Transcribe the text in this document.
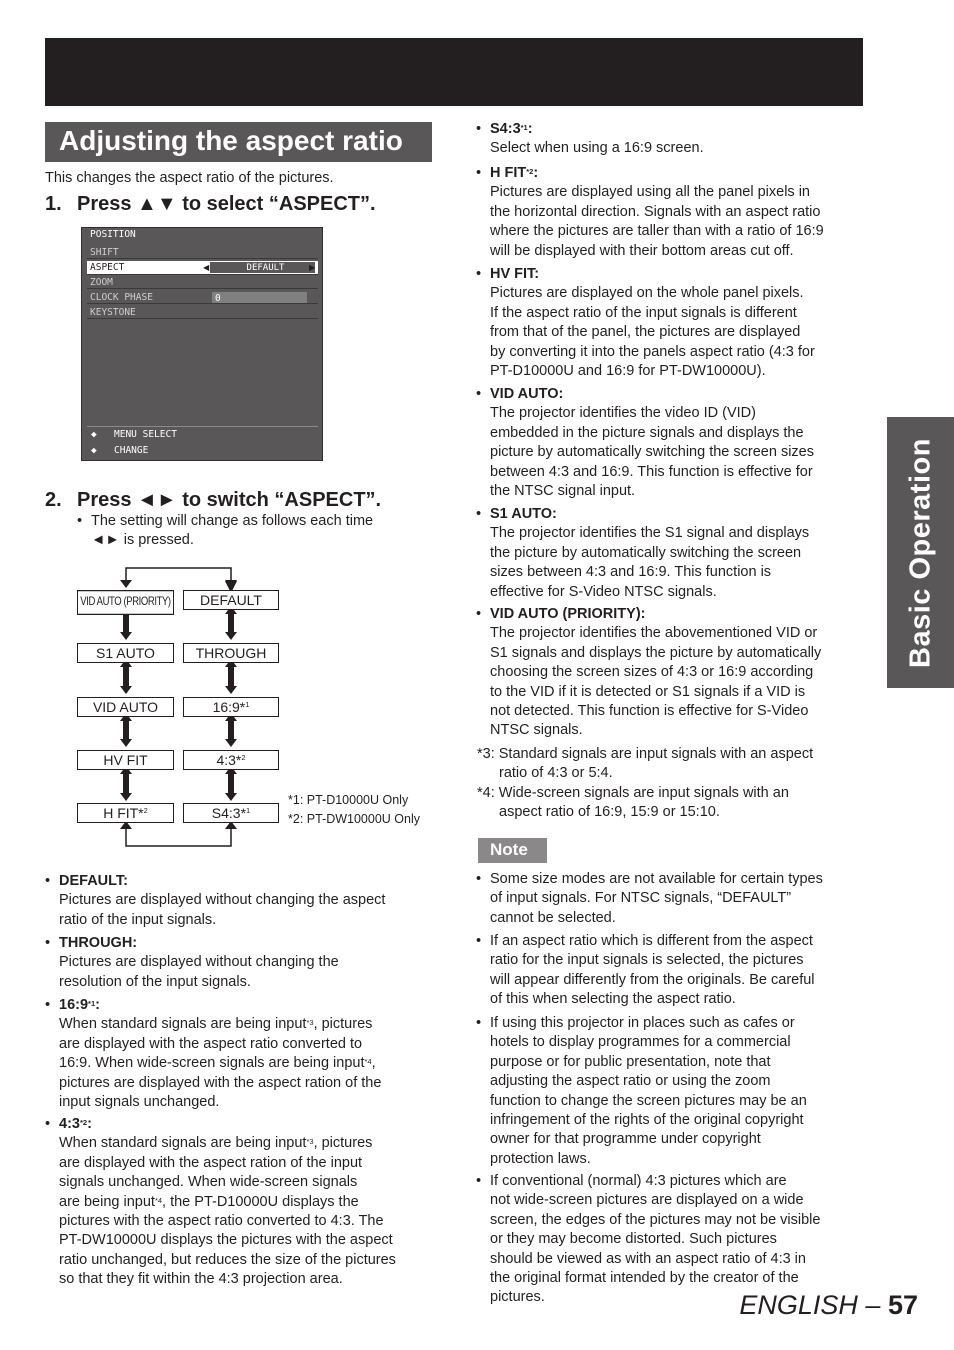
Adjusting the aspect ratio
Basic Operation
This changes the aspect ratio of the pictures.
1. Press ▲▼ to select “ASPECT”.
POSITION
SHIFT
ASPECT	◀	DEFAULT	▶
ZOOM
CLOCK PHASE	0
KEYSTONE
◆ MENU SELECT
◆ CHANGE
2. Press ◄► to switch “ASPECT”.
• The setting will change as follows each time
◄► is pressed.
VID AUTO (PRIORITY)	DEFAULT
S1 AUTO	THROUGH
VID AUTO	16:9*$^1$
HV FIT	4:3*$^2$
H FIT*$^2$	S4:3*$^1$
*1: PT-D10000U Only
*2: PT-DW10000U Only
• DEFAULT:
Pictures are displayed without changing the aspect
ratio of the input signals.
• THROUGH:
Pictures are displayed without changing the
resolution of the input signals.
• 16:9$^{*1}$:
When standard signals are being input$^{*3}$, pictures
are displayed with the aspect ratio converted to
16:9. When wide-screen signals are being input$^{*4}$,
pictures are displayed with the aspect ration of the
input signals unchanged.
• 4:3$^{*2}$:
When standard signals are being input$^{*3}$, pictures
are displayed with the aspect ration of the input
signals unchanged. When wide-screen signals
are being input$^{*4}$, the PT-D10000U displays the
pictures with the aspect ratio converted to 4:3. The
PT-DW10000U displays the pictures with the aspect
ratio unchanged, but reduces the size of the pictures
so that they fit within the 4:3 projection area.
• S4:3$^{*1}$:
Select when using a 16:9 screen.
• H FIT$^{*2}$:
Pictures are displayed using all the panel pixels in
the horizontal direction. Signals with an aspect ratio
where the pictures are taller than with a ratio of 16:9
will be displayed with their bottom areas cut off.
• HV FIT:
Pictures are displayed on the whole panel pixels.
If the aspect ratio of the input signals is different
from that of the panel, the pictures are displayed
by converting it into the panels aspect ratio (4:3 for
PT-D10000U and 16:9 for PT-DW10000U).
• VID AUTO:
The projector identifies the video ID (VID)
embedded in the picture signals and displays the
picture by automatically switching the screen sizes
between 4:3 and 16:9. This function is effective for
the NTSC signal input.
• S1 AUTO:
The projector identifies the S1 signal and displays
the picture by automatically switching the screen
sizes between 4:3 and 16:9. This function is
effective for S-Video NTSC signals.
• VID AUTO (PRIORITY):
The projector identifies the abovementioned VID or
S1 signals and displays the picture by automatically
choosing the screen sizes of 4:3 or 16:9 according
to the VID if it is detected or S1 signals if a VID is
not detected. This function is effective for S-Video
NTSC signals.
*3: Standard signals are input signals with an aspect
ratio of 4:3 or 5:4.
*4: Wide-screen signals are input signals with an
aspect ratio of 16:9, 15:9 or 15:10.
Note
• Some size modes are not available for certain types
of input signals. For NTSC signals, “DEFAULT”
cannot be selected.
• If an aspect ratio which is different from the aspect
ratio for the input signals is selected, the pictures
will appear differently from the originals. Be careful
of this when selecting the aspect ratio.
• If using this projector in places such as cafes or
hotels to display programmes for a commercial
purpose or for public presentation, note that
adjusting the aspect ratio or using the zoom
function to change the screen pictures may be an
infringement of the rights of the original copyright
owner for that programme under copyright
protection laws.
• If conventional (normal) 4:3 pictures which are
not wide-screen pictures are displayed on a wide
screen, the edges of the pictures may not be visible
or they may become distorted. Such pictures
should be viewed as with an aspect ratio of 4:3 in
the original format intended by the creator of the
pictures.	ENGLISH – 57
